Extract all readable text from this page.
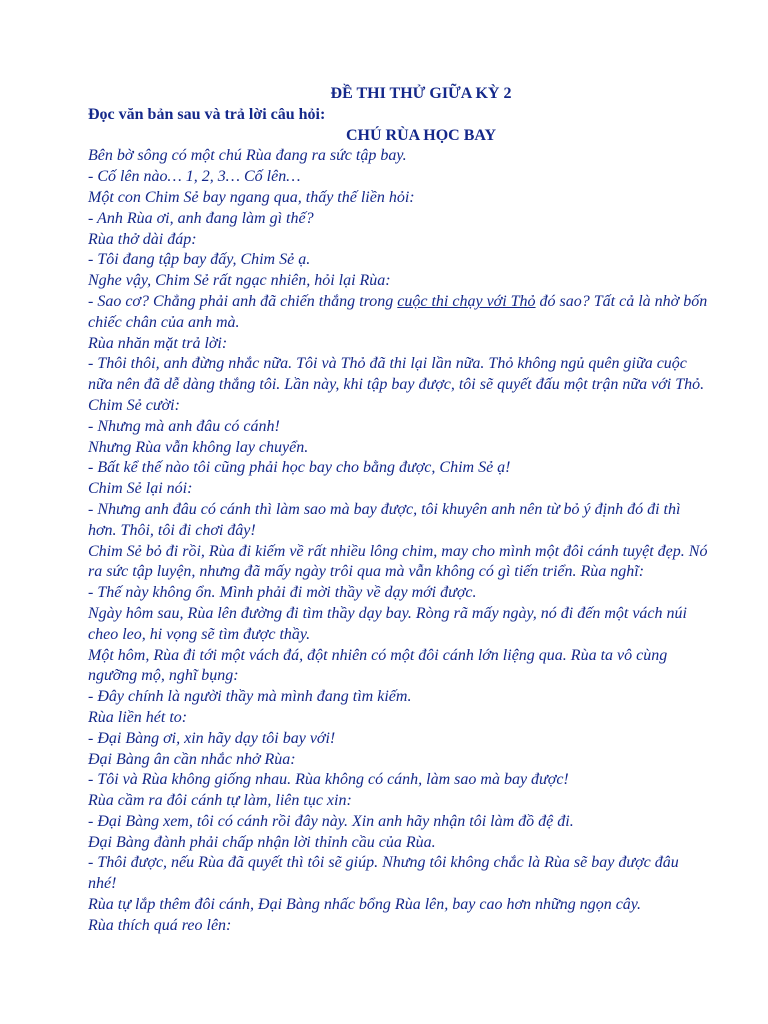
ĐỀ THI THỬ GIỮA KỲ 2
Đọc văn bản sau và trả lời câu hỏi:
CHÚ RÙA HỌC BAY

Bên bờ sông có một chú Rùa đang ra sức tập bay.

- Cố lên nào… 1, 2, 3… Cố lên…

Một con Chim Sẻ bay ngang qua, thấy thế liền hỏi:

- Anh Rùa ơi, anh đang làm gì thế?

Rùa thở dài đáp:

- Tôi đang tập bay đấy, Chim Sẻ ạ.

Nghe vậy, Chim Sẻ rất ngạc nhiên, hỏi lại Rùa:

- Sao cơ? Chẳng phải anh đã chiến thắng trong cuộc thi chạy với Thỏ đó sao? Tất cả là nhờ bốn chiếc chân của anh mà.

Rùa nhăn mặt trả lời:

- Thôi thôi, anh đừng nhắc nữa. Tôi và Thỏ đã thi lại lần nữa. Thỏ không ngủ quên giữa cuộc nữa nên đã dễ dàng thắng tôi. Lần này, khi tập bay được, tôi sẽ quyết đấu một trận nữa với Thỏ.

Chim Sẻ cười:

- Nhưng mà anh đâu có cánh!

Nhưng Rùa vẫn không lay chuyển.

- Bất kể thế nào tôi cũng phải học bay cho bằng được, Chim Sẻ ạ!

Chim Sẻ lại nói:

- Nhưng anh đâu có cánh thì làm sao mà bay được, tôi khuyên anh nên từ bỏ ý định đó đi thì hơn. Thôi, tôi đi chơi đây!

Chim Sẻ bỏ đi rồi, Rùa đi kiếm về rất nhiều lông chim, may cho mình một đôi cánh tuyệt đẹp. Nó ra sức tập luyện, nhưng đã mấy ngày trôi qua mà vẫn không có gì tiến triển. Rùa nghĩ:

- Thế này không ổn. Mình phải đi mời thầy về dạy mới được.

Ngày hôm sau, Rùa lên đường đi tìm thầy dạy bay. Ròng rã mấy ngày, nó đi đến một vách núi cheo leo, hi vọng sẽ tìm được thầy.

Một hôm, Rùa đi tới một vách đá, đột nhiên có một đôi cánh lớn liệng qua. Rùa ta vô cùng ngưỡng mộ, nghĩ bụng:

- Đây chính là người thầy mà mình đang tìm kiếm.

Rùa liền hét to:

- Đại Bàng ơi, xin hãy dạy tôi bay với!

Đại Bàng ân cần nhắc nhở Rùa:

- Tôi và Rùa không giống nhau. Rùa không có cánh, làm sao mà bay được!

Rùa cầm ra đôi cánh tự làm, liên tục xin:

- Đại Bàng xem, tôi có cánh rồi đây này. Xin anh hãy nhận tôi làm đồ đệ đi.

Đại Bàng đành phải chấp nhận lời thỉnh cầu của Rùa.

- Thôi được, nếu Rùa đã quyết thì tôi sẽ giúp. Nhưng tôi không chắc là Rùa sẽ bay được đâu nhé!

Rùa tự lắp thêm đôi cánh, Đại Bàng nhấc bổng Rùa lên, bay cao hơn những ngọn cây.

Rùa thích quá reo lên:
